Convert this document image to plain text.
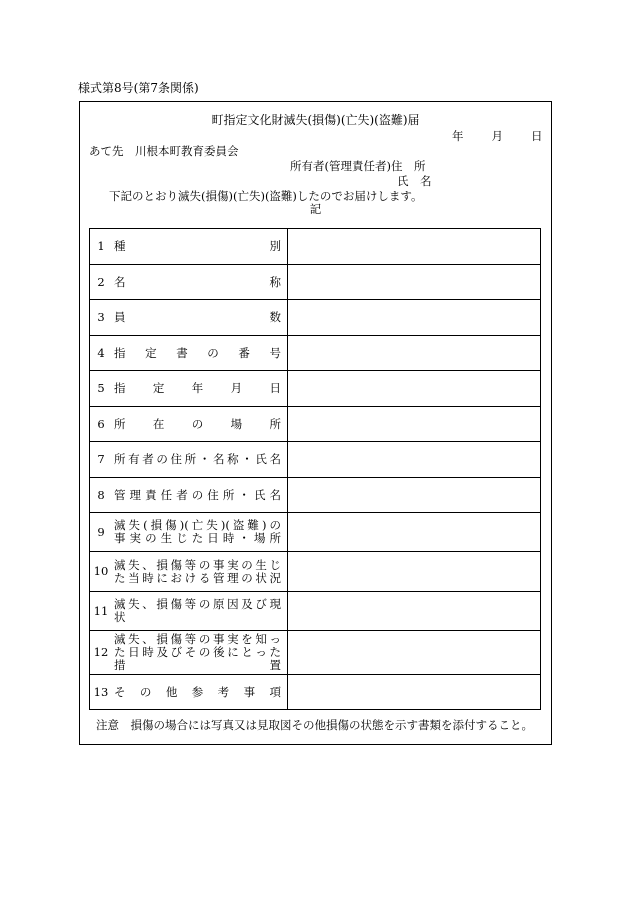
様式第8号(第7条関係)
町指定文化財滅失(損傷)(亡失)(盗難)届
年 月 日
あて先　川根本町教育委員会
所有者(管理責任者)住　所
氏　名
下記のとおり滅失(損傷)(亡失)(盗難)したのでお届けします。
記
1	種別	

2	名称	

3	員数	

4	指定書の番号	

5	指定年月日	

6	所在の場所	

7	所有者の住所・名称・氏名	

8	管理責任者の住所・氏名	

9	滅失(損傷)(亡失)(盗難)の
事実の生じた日時・場所	

10	滅失、損傷等の事実の生じ
た当時における管理の状況	

11	滅失、損傷等の原因及び現
状	

12	滅失、損傷等の事実を知っ
た日時及びその後にとった
措置	

13	その他参考事項	

注意　損傷の場合には写真又は見取図その他損傷の状態を示す書類を添付すること。
